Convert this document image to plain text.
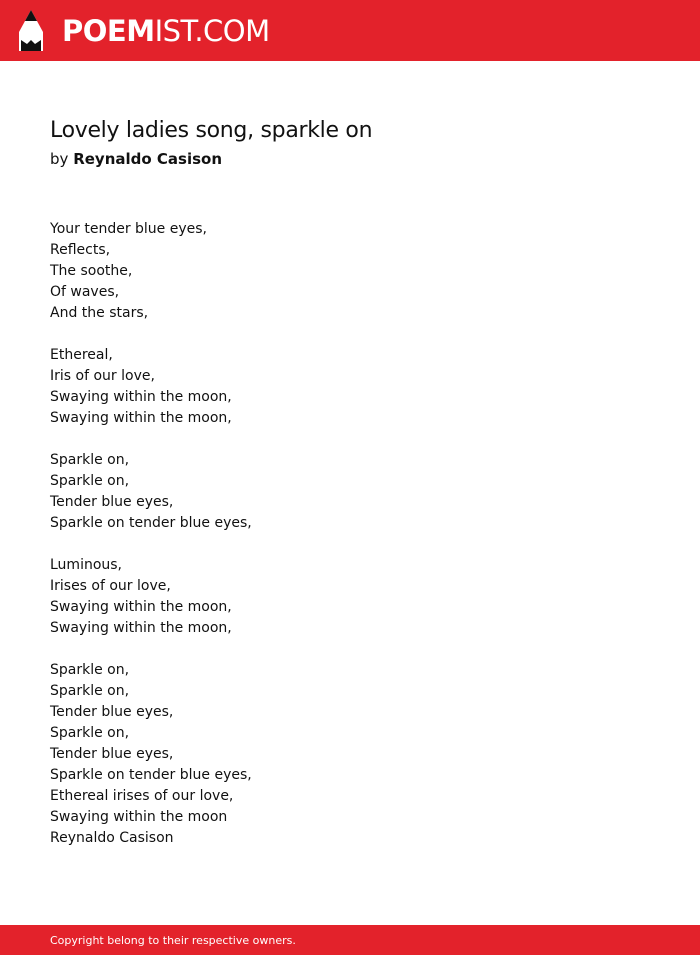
POEMIST.COM
Lovely ladies song, sparkle on
by Reynaldo Casison
Your tender blue eyes,
Reflects,
The soothe,
Of waves,
And the stars,
Ethereal,
Iris of our love,
Swaying within the moon,
Swaying within the moon,
Sparkle on,
Sparkle on,
Tender blue eyes,
Sparkle on tender blue eyes,
Luminous,
Irises of our love,
Swaying within the moon,
Swaying within the moon,
Sparkle on,
Sparkle on,
Tender blue eyes,
Sparkle on,
Tender blue eyes,
Sparkle on tender blue eyes,
Ethereal irises of our love,
Swaying within the moon
Reynaldo Casison
Copyright belong to their respective owners.
